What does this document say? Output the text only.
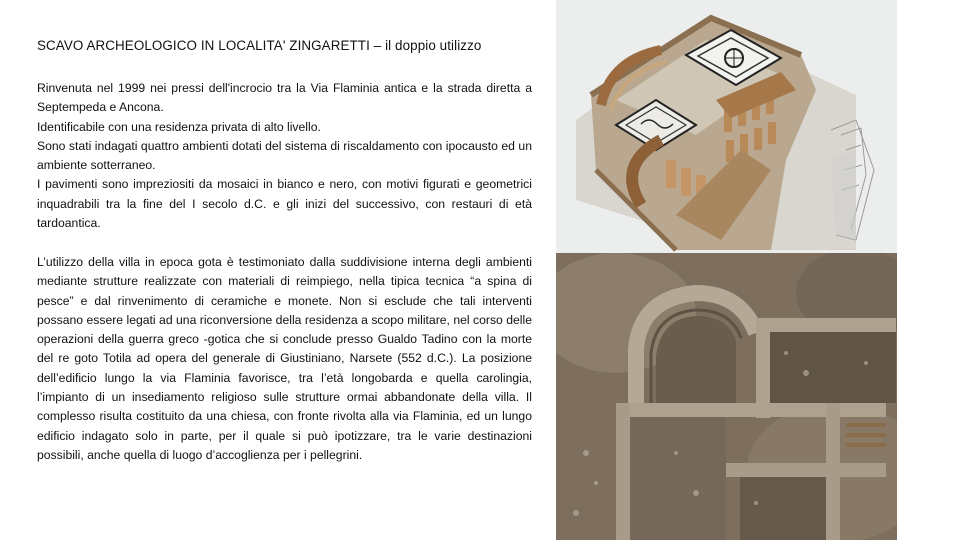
SCAVO ARCHEOLOGICO IN LOCALITA' ZINGARETTI – il doppio utilizzo
Rinvenuta nel 1999 nei pressi dell'incrocio tra la Via Flaminia antica e la strada diretta a Septempeda e Ancona.
Identificabile con una residenza privata di alto livello.
Sono stati indagati quattro ambienti dotati del sistema di riscaldamento con ipocausto ed un ambiente sotterraneo.
I pavimenti sono impreziositi da mosaici in bianco e nero, con motivi figurati e geometrici inquadrabili tra la fine del I secolo d.C. e gli inizi del successivo, con restauri di età tardoantica.
L’utilizzo della villa in epoca gota è testimoniato dalla suddivisione interna degli ambienti mediante strutture realizzate con materiali di reimpiego, nella tipica tecnica “a spina di pesce” e dal rinvenimento di ceramiche e monete. Non si esclude che tali interventi possano essere legati ad una riconversione della residenza a scopo militare, nel corso delle operazioni della guerra greco -gotica che si conclude presso Gualdo Tadino con la morte del re goto Totila ad opera del generale di Giustiniano, Narsete (552 d.C.). La posizione dell’edificio lungo la via Flaminia favorisce, tra l’età longobarda e quella carolingia, l’impianto di un insediamento religioso sulle strutture ormai abbandonate della villa. Il complesso risulta costituito da una chiesa, con fronte rivolta alla via Flaminia, ed un lungo edificio indagato solo in parte, per il quale si può ipotizzare, tra le varie destinazioni possibili, anche quella di luogo d’accoglienza per i pellegrini.
